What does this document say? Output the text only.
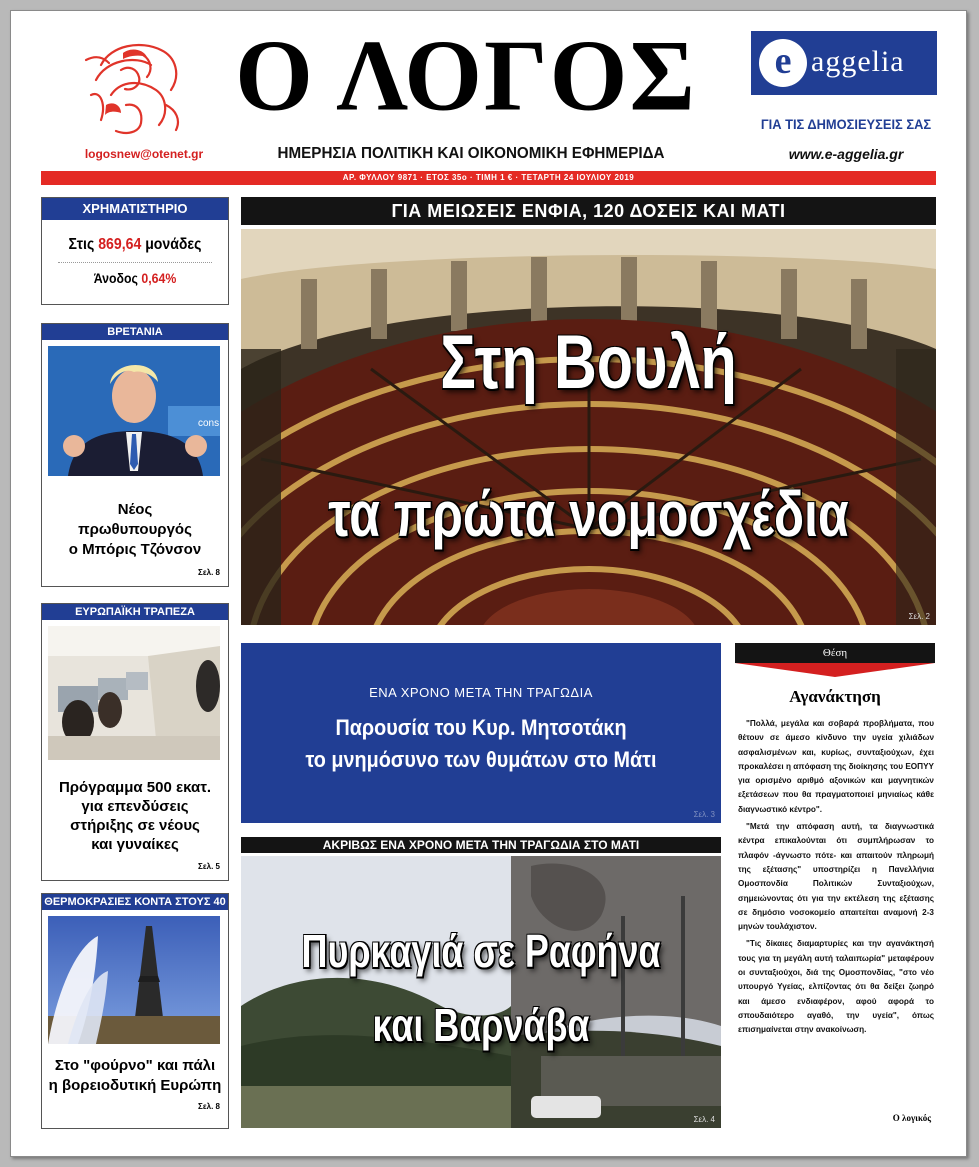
logosnew@otenet.gr
Ο ΛΟΓΟΣ
ΗΜΕΡΗΣΙΑ ΠΟΛΙΤΙΚΗ ΚΑΙ ΟΙΚΟΝΟΜΙΚΗ ΕΦΗΜΕΡΙΔΑ
e aggelia
ΓΙΑ ΤΙΣ ΔΗΜΟΣΙΕΥΣΕΙΣ ΣΑΣ
www.e-aggelia.gr
ΑΡ. ΦΥΛΛΟΥ 9871 · ΕΤΟΣ 35ο · ΤΙΜΗ 1 € · ΤΕΤΑΡΤΗ 24 ΙΟΥΛΙΟΥ 2019
ΧΡΗΜΑΤΙΣΤΗΡΙΟ
Στις 869,64 μονάδες
Άνοδος 0,64%
ΒΡΕΤΑΝΙΑ
cons
Νέος
πρωθυπουργός
ο Μπόρις Τζόνσον
Σελ. 8
ΕΥΡΩΠΑΪΚΗ ΤΡΑΠΕΖΑ
Πρόγραμμα 500 εκατ.
για επενδύσεις
στήριξης σε νέους
και γυναίκες
Σελ. 5
ΘΕΡΜΟΚΡΑΣΙΕΣ ΚΟΝΤΑ ΣΤΟΥΣ 40
Στο "φούρνο" και πάλι
η βορειοδυτική Ευρώπη
Σελ. 8
ΓΙΑ ΜΕΙΩΣΕΙΣ ΕΝΦΙΑ, 120 ΔΟΣΕΙΣ ΚΑΙ ΜΑΤΙ
Στη Βουλή
τα πρώτα νομοσχέδια
Σελ. 2
ΕΝΑ ΧΡΟΝΟ ΜΕΤΑ ΤΗΝ ΤΡΑΓΩΔΙΑ
Παρουσία του Κυρ. Μητσοτάκη
το μνημόσυνο των θυμάτων στο Μάτι
Σελ. 3
ΑΚΡΙΒΩΣ ΕΝΑ ΧΡΟΝΟ ΜΕΤΑ ΤΗΝ ΤΡΑΓΩΔΙΑ ΣΤΟ ΜΑΤΙ
Πυρκαγιά σε Ραφήνα
και Βαρνάβα
Σελ. 4
Θέση
Αγανάκτηση

"Πολλά, μεγάλα και σοβαρά προβλήματα, που θέτουν σε άμεσο κίνδυνο την υγεία χιλιάδων ασφαλισμένων και, κυρίως, συνταξιούχων, έχει προκαλέσει η απόφαση της διοίκησης του ΕΟΠΥΥ για ορισμένο αριθμό αξονικών και μαγνητικών εξετάσεων που θα πραγματοποιεί μηνιαίως κάθε διαγνωστικό κέντρο".

"Μετά την απόφαση αυτή, τα διαγνωστικά κέντρα επικαλούνται ότι συμπλήρωσαν το πλαφόν -άγνωστο πότε- και απαιτούν πληρωμή της εξέτασης" υποστηρίζει η Πανελλήνια Ομοσπονδία Πολιτικών Συνταξιούχων, σημειώνοντας ότι για την εκτέλεση της εξέτασης σε δημόσιο νοσοκομείο απαιτείται αναμονή 2-3 μηνών τουλάχιστον.

"Τις δίκαιες διαμαρτυρίες και την αγανάκτησή τους για τη μεγάλη αυτή ταλαιπωρία" μεταφέρουν οι συνταξιούχοι, διά της Ομοσπονδίας, "στο νέο υπουργό Υγείας, ελπίζοντας ότι θα δείξει ζωηρό και άμεσο ενδιαφέρον, αφού αφορά το σπουδαιότερο αγαθό, την υγεία", όπως επισημαίνεται στην ανακοίνωση.

Ο λογικός
